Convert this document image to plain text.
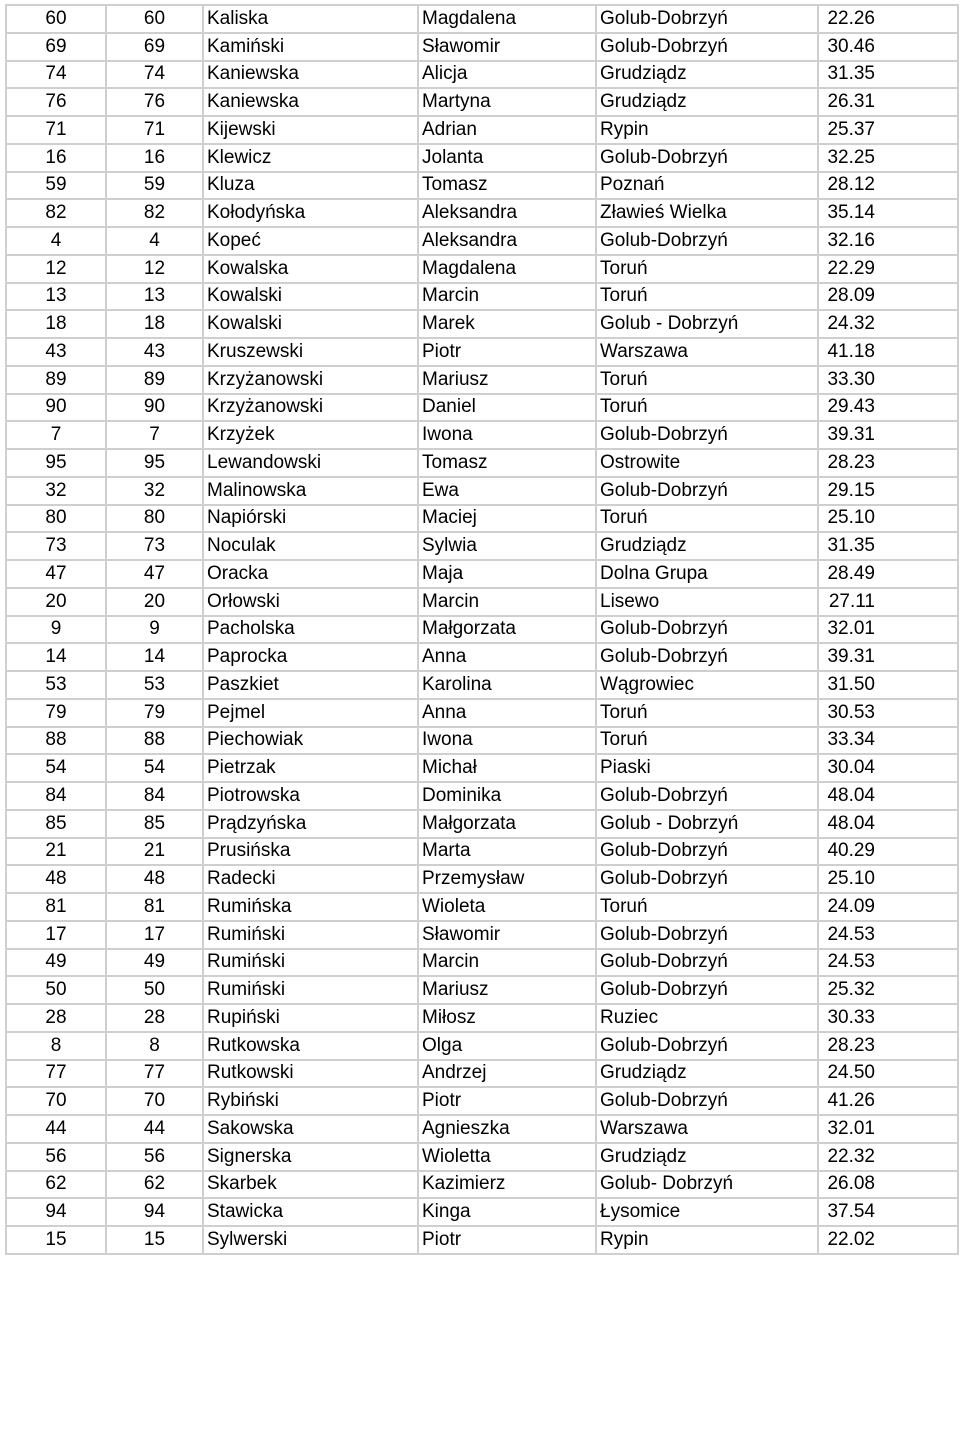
60	60	Kaliska	Magdalena	Golub-Dobrzyń	22.26
69	69	Kamiński	Sławomir	Golub-Dobrzyń	30.46
74	74	Kaniewska	Alicja	Grudziądz	31.35
76	76	Kaniewska	Martyna	Grudziądz	26.31
71	71	Kijewski	Adrian	Rypin	25.37
16	16	Klewicz	Jolanta	Golub-Dobrzyń	32.25
59	59	Kluza	Tomasz	Poznań	28.12
82	82	Kołodyńska	Aleksandra	Zławieś Wielka	35.14
4	4	Kopeć	Aleksandra	Golub-Dobrzyń	32.16
12	12	Kowalska	Magdalena	Toruń	22.29
13	13	Kowalski	Marcin	Toruń	28.09
18	18	Kowalski	Marek	Golub - Dobrzyń	24.32
43	43	Kruszewski	Piotr	Warszawa	41.18
89	89	Krzyżanowski	Mariusz	Toruń	33.30
90	90	Krzyżanowski	Daniel	Toruń	29.43
7	7	Krzyżek	Iwona	Golub-Dobrzyń	39.31
95	95	Lewandowski	Tomasz	Ostrowite	28.23
32	32	Malinowska	Ewa	Golub-Dobrzyń	29.15
80	80	Napiórski	Maciej	Toruń	25.10
73	73	Noculak	Sylwia	Grudziądz	31.35
47	47	Oracka	Maja	Dolna Grupa	28.49
20	20	Orłowski	Marcin	Lisewo	27.11
9	9	Pacholska	Małgorzata	Golub-Dobrzyń	32.01
14	14	Paprocka	Anna	Golub-Dobrzyń	39.31
53	53	Paszkiet	Karolina	Wągrowiec	31.50
79	79	Pejmel	Anna	Toruń	30.53
88	88	Piechowiak	Iwona	Toruń	33.34
54	54	Pietrzak	Michał	Piaski	30.04
84	84	Piotrowska	Dominika	Golub-Dobrzyń	48.04
85	85	Prądzyńska	Małgorzata	Golub - Dobrzyń	48.04
21	21	Prusińska	Marta	Golub-Dobrzyń	40.29
48	48	Radecki	Przemysław	Golub-Dobrzyń	25.10
81	81	Rumińska	Wioleta	Toruń	24.09
17	17	Rumiński	Sławomir	Golub-Dobrzyń	24.53
49	49	Rumiński	Marcin	Golub-Dobrzyń	24.53
50	50	Rumiński	Mariusz	Golub-Dobrzyń	25.32
28	28	Rupiński	Miłosz	Ruziec	30.33
8	8	Rutkowska	Olga	Golub-Dobrzyń	28.23
77	77	Rutkowski	Andrzej	Grudziądz	24.50
70	70	Rybiński	Piotr	Golub-Dobrzyń	41.26
44	44	Sakowska	Agnieszka	Warszawa	32.01
56	56	Signerska	Wioletta	Grudziądz	22.32
62	62	Skarbek	Kazimierz	Golub- Dobrzyń	26.08
94	94	Stawicka	Kinga	Łysomice	37.54
15	15	Sylwerski	Piotr	Rypin	22.02
